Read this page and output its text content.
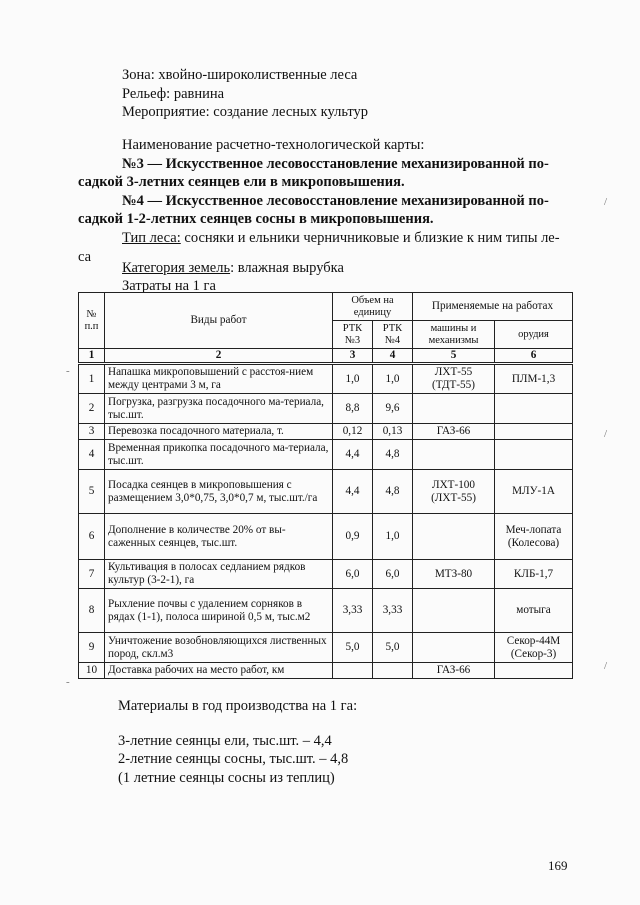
Зона: хвойно-широколиственные леса
Рельеф: равнина
Мероприятие: создание лесных культур
Наименование расчетно-технологической карты:
№3 — Искусственное лесовосстановление механизированной по-
садкой 3-летних сеянцев ели в микроповышения.
№4 — Искусственное лесовосстановление механизированной по-
садкой 1-2-летних сеянцев сосны в микроповышения.
Тип леса: сосняки и ельники черничниковые и близкие к ним типы ле-
са
Категория земель: влажная вырубка
Затраты на 1 га
№ п.п	Виды работ	Объем на единицу		Применяемые на работах	
		РТК №3	РТК №4	машины и механизмы	орудия
1	2	3	4	5	6
1	Напашка микроповышений с расстоя-нием между центрами 3 м, га	1,0	1,0	ЛХТ-55 (ТДТ-55)	ПЛМ-1,3
2	Погрузка, разгрузка посадочного ма-териала, тыс.шт.	8,8	9,6		
3	Перевозка посадочного материала, т.	0,12	0,13	ГАЗ-66	
4	Временная прикопка посадочного ма-териала, тыс.шт.	4,4	4,8		
5	Посадка сеянцев в микроповышения с размещением 3,0*0,75, 3,0*0,7 м, тыс.шт./га	4,4	4,8	ЛХТ-100 (ЛХТ-55)	МЛУ-1А
6	Дополнение в количестве 20% от вы-саженных сеянцев, тыс.шт.	0,9	1,0		Меч-лопата (Колесова)
7	Культивация в полосах седланием рядков культур (3-2-1), га	6,0	6,0	МТЗ-80	КЛБ-1,7
8	Рыхление почвы с удалением сорняков в рядах (1-1), полоса шириной 0,5 м, тыс.м2	3,33	3,33		мотыга
9	Уничтожение возобновляющихся лиственных пород, скл.м3	5,0	5,0		Секор-44М (Секор-3)
10	Доставка рабочих на место работ, км			ГАЗ-66	
Материалы в год производства на 1 га:
3-летние сеянцы ели, тыс.шт. – 4,4
2-летние сеянцы сосны, тыс.шт. – 4,8
(1 летние сеянцы сосны из теплиц)
169
/
/
/
-
-
